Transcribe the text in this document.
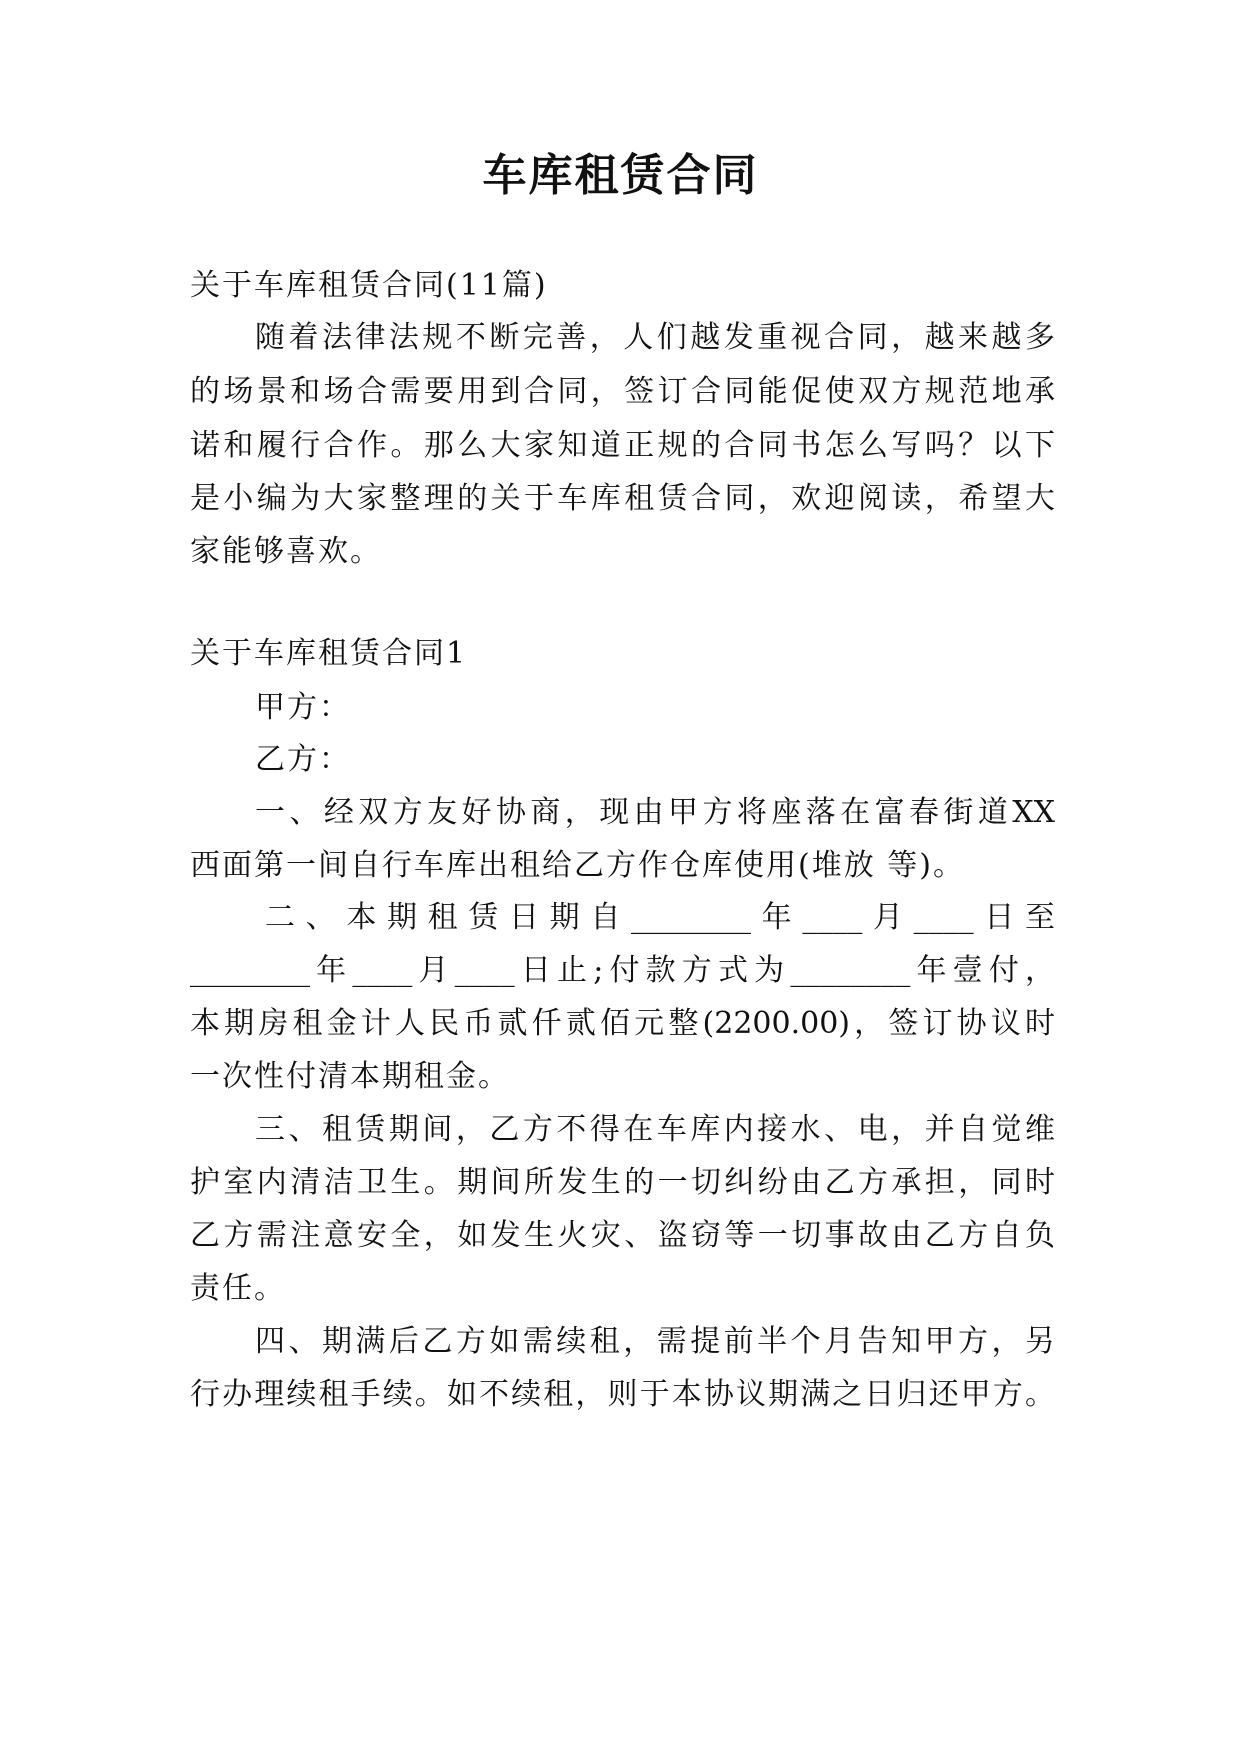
车库租赁合同
关于车库租赁合同(11篇)
随着法律法规不断完善，人们越发重视合同，越来越多
的场景和场合需要用到合同，签订合同能促使双方规范地承
诺和履行合作。那么大家知道正规的合同书怎么写吗？以下
是小编为大家整理的关于车库租赁合同，欢迎阅读，希望大
家能够喜欢。
关于车库租赁合同1
甲方：
乙方：
一、经双方友好协商，现由甲方将座落在富春街道XX
西面第一间自行车库出租给乙方作仓库使用(堆放 等)。
二、本期租赁日期自________年____月____日至
________年____月____日止;付款方式为________年壹付，
本期房租金计人民币贰仟贰佰元整(2200.00)，签订协议时
一次性付清本期租金。
三、租赁期间，乙方不得在车库内接水、电，并自觉维
护室内清洁卫生。期间所发生的一切纠纷由乙方承担，同时
乙方需注意安全，如发生火灾、盗窃等一切事故由乙方自负
责任。
四、期满后乙方如需续租，需提前半个月告知甲方，另
行办理续租手续。如不续租，则于本协议期满之日归还甲方。
